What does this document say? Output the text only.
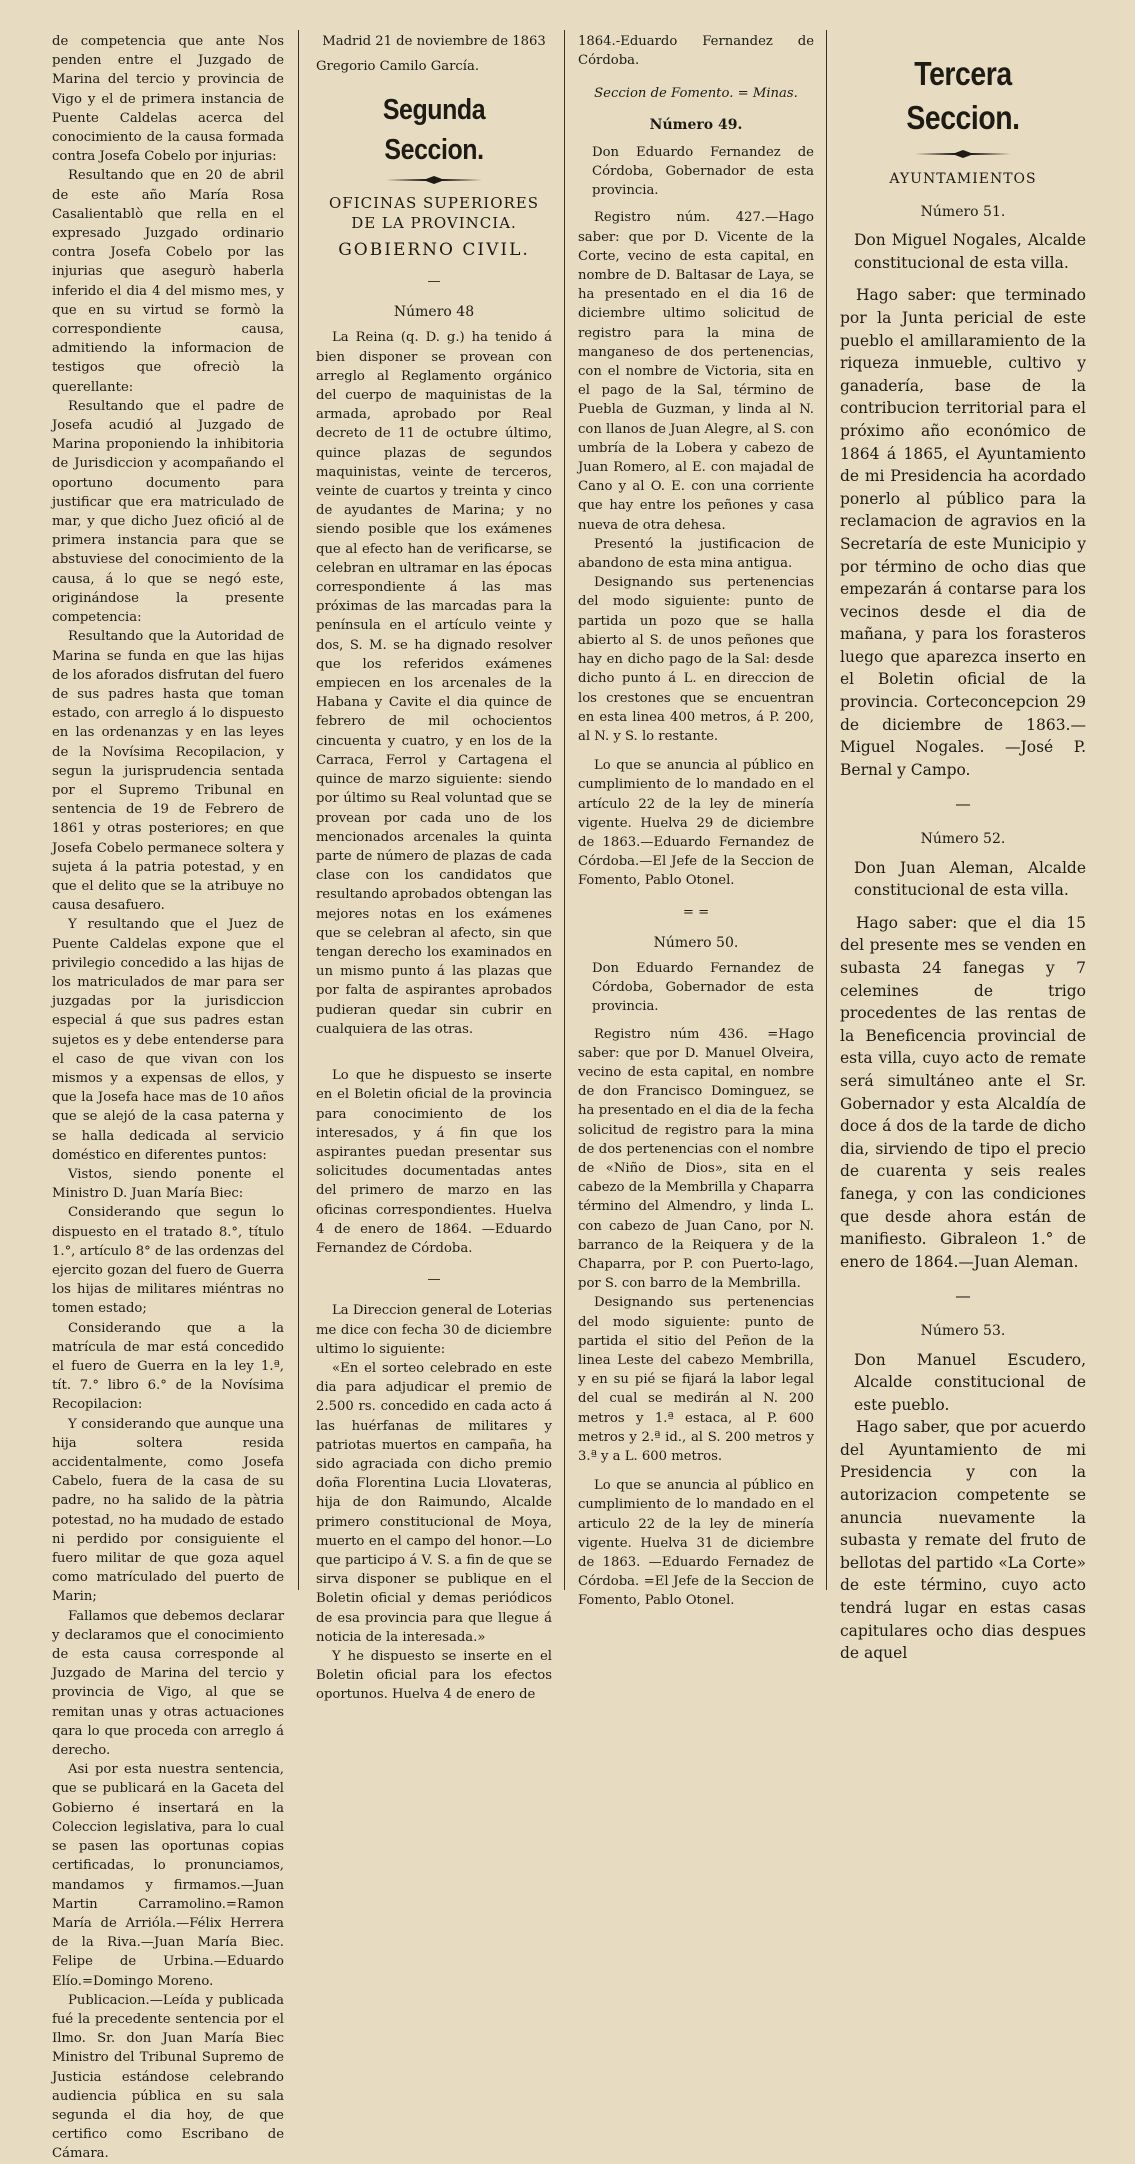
de competencia que ante Nos penden entre el Juzgado de Marina del tercio y provincia de Vigo y el de primera instancia de Puente Caldelas acerca del conocimiento de la causa formada contra Josefa Cobelo por injurias:

Resultando que en 20 de abril de este año María Rosa Casalientablò que rella en el expresado Juzgado ordinario contra Josefa Cobelo por las injurias que asegurò haberla inferido el dia 4 del mismo mes, y que en su virtud se formò la correspondiente causa, admitiendo la informacion de testigos que ofreciò la querellante:

Resultando que el padre de Josefa acudió al Juzgado de Marina proponiendo la inhibitoria de Jurisdiccion y acompañando el oportuno documento para justificar que era matriculado de mar, y que dicho Juez ofició al de primera instancia para que se abstuviese del conocimiento de la causa, á lo que se negó este, originándose la presente competencia:

Resultando que la Autoridad de Marina se funda en que las hijas de los aforados disfrutan del fuero de sus padres hasta que toman estado, con arreglo á lo dispuesto en las ordenanzas y en las leyes de la Novísima Recopilacion, y segun la jurisprudencia sentada por el Supremo Tribunal en sentencia de 19 de Febrero de 1861 y otras posteriores; en que Josefa Cobelo permanece soltera y sujeta á la patria potestad, y en que el delito que se la atribuye no causa desafuero.

Y resultando que el Juez de Puente Caldelas expone que el privilegio concedido a las hijas de los matriculados de mar para ser juzgadas por la jurisdiccion especial á que sus padres estan sujetos es y debe entenderse para el caso de que vivan con los mismos y a expensas de ellos, y que la Josefa hace mas de 10 años que se alejó de la casa paterna y se halla dedicada al servicio doméstico en diferentes puntos:

Vistos, siendo ponente el Ministro D. Juan María Biec:

Considerando que segun lo dispuesto en el tratado 8.°, título 1.°, artículo 8° de las ordenzas del ejercito gozan del fuero de Guerra los hijas de militares miéntras no tomen estado;

Considerando que a la matrícula de mar está concedido el fuero de Guerra en la ley 1.ª, tít. 7.° libro 6.° de la Novísima Recopilacion:

Y considerando que aunque una hija soltera resida accidentalmente, como Josefa Cabelo, fuera de la casa de su padre, no ha salido de la pàtria potestad, no ha mudado de estado ni perdido por consiguiente el fuero militar de que goza aquel como matrículado del puerto de Marin;

Fallamos que debemos declarar y declaramos que el conocimiento de esta causa corresponde al Juzgado de Marina del tercio y provincia de Vigo, al que se remitan unas y otras actuaciones qara lo que proceda con arreglo á derecho.

Asi por esta nuestra sentencia, que se publicará en la Gaceta del Gobierno é insertará en la Coleccion legislativa, para lo cual se pasen las oportunas copias certificadas, lo pronunciamos, mandamos y firmamos.—Juan Martin Carramolino.=Ramon María de Arrióla.—Félix Herrera de la Riva.—Juan María Biec. Felipe de Urbina.—Eduardo Elío.=Domingo Moreno.

Publicacion.—Leída y publicada fué la precedente sentencia por el Ilmo. Sr. don Juan María Biec Ministro del Tribunal Supremo de Justicia estándose celebrando audiencia pública en su sala segunda el dia hoy, de que certifico como Escribano de Cámara.

Madrid 21 de noviembre de 1863
Gregorio Camilo García.
Segunda Seccion.
OFICINAS SUPERIORES DE LA PROVINCIA.
GOBIERNO CIVIL.
—
Número 48

La Reina (q. D. g.) ha tenido á bien disponer se provean con arreglo al Reglamento orgánico del cuerpo de maquinistas de la armada, aprobado por Real decreto de 11 de octubre último, quince plazas de segundos maquinistas, veinte de terceros, veinte de cuartos y treinta y cinco de ayudantes de Marina; y no siendo posible que los exámenes que al efecto han de verificarse, se celebran en ultramar en las épocas correspondiente á las mas próximas de las marcadas para la península en el artículo veinte y dos, S. M. se ha dignado resolver que los referidos exámenes empiecen en los arcenales de la Habana y Cavite el dia quince de febrero de mil ochocientos cincuenta y cuatro, y en los de la Carraca, Ferrol y Cartagena el quince de marzo siguiente: siendo por último su Real voluntad que se provean por cada uno de los mencionados arcenales la quinta parte de número de plazas de cada clase con los candidatos que resultando aprobados obtengan las mejores notas en los exámenes que se celebran al afecto, sin que tengan derecho los examinados en un mismo punto á las plazas que por falta de aspirantes aprobados pudieran quedar sin cubrir en cualquiera de las otras.

Lo que he dispuesto se inserte en el Boletin oficial de la provincia para conocimiento de los interesados, y á fin que los aspirantes puedan presentar sus solicitudes documentadas antes del primero de marzo en las oficinas correspondientes. Huelva 4 de enero de 1864. —Eduardo Fernandez de Córdoba.

—

La Direccion general de Loterias me dice con fecha 30 de diciembre ultimo lo siguiente:

«En el sorteo celebrado en este dia para adjudicar el premio de 2.500 rs. concedido en cada acto á las huérfanas de militares y patriotas muertos en campaña, ha sido agraciada con dicho premio doña Florentina Lucia Llovateras, hija de don Raimundo, Alcalde primero constitucional de Moya, muerto en el campo del honor.—Lo que participo á V. S. a fin de que se sirva disponer se publique en el Boletin oficial y demas periódicos de esa provincia para que llegue á noticia de la interesada.»

Y he dispuesto se inserte en el Boletin oficial para los efectos oportunos. Huelva 4 de enero de

1864.-Eduardo Fernandez de Córdoba.

Seccion de Fomento. = Minas.
Número 49.

Don Eduardo Fernandez de Córdoba, Gobernador de esta provincia.

Registro núm. 427.—Hago saber: que por D. Vicente de la Corte, vecino de esta capital, en nombre de D. Baltasar de Laya, se ha presentado en el dia 16 de diciembre ultimo solicitud de registro para la mina de manganeso de dos pertenencias, con el nombre de Victoria, sita en el pago de la Sal, término de Puebla de Guzman, y linda al N. con llanos de Juan Alegre, al S. con umbría de la Lobera y cabezo de Juan Romero, al E. con majadal de Cano y al O. E. con una corriente que hay entre los peñones y casa nueva de otra dehesa.

Presentó la justificacion de abandono de esta mina antigua.

Designando sus pertenencias del modo siguiente: punto de partida un pozo que se halla abierto al S. de unos peñones que hay en dicho pago de la Sal: desde dicho punto á L. en direccion de los crestones que se encuentran en esta linea 400 metros, á P. 200, al N. y S. lo restante.

Lo que se anuncia al público en cumplimiento de lo mandado en el artículo 22 de la ley de minería vigente. Huelva 29 de diciembre de 1863.—Eduardo Fernandez de Córdoba.—El Jefe de la Seccion de Fomento, Pablo Otonel.

= =
Número 50.

Don Eduardo Fernandez de Córdoba, Gobernador de esta provincia.

Registro núm 436. =Hago saber: que por D. Manuel Olveira, vecino de esta capital, en nombre de don Francisco Dominguez, se ha presentado en el dia de la fecha solicitud de registro para la mina de dos pertenencias con el nombre de «Niño de Dios», sita en el cabezo de la Membrilla y Chaparra término del Almendro, y linda L. con cabezo de Juan Cano, por N. barranco de la Reiquera y de la Chaparra, por P. con Puerto-lago, por S. con barro de la Membrilla.

Designando sus pertenencias del modo siguiente: punto de partida el sitio del Peñon de la linea Leste del cabezo Membrilla, y en su pié se fijará la labor legal del cual se medirán al N. 200 metros y 1.ª estaca, al P. 600 metros y 2.ª id., al S. 200 metros y 3.ª y a L. 600 metros.

Lo que se anuncia al público en cumplimiento de lo mandado en el articulo 22 de la ley de minería vigente. Huelva 31 de diciembre de 1863. —Eduardo Fernadez de Córdoba. =El Jefe de la Seccion de Fomento, Pablo Otonel.

Tercera Seccion.
AYUNTAMIENTOS
Número 51.

Don Miguel Nogales, Alcalde constitucional de esta villa.

Hago saber: que terminado por la Junta pericial de este pueblo el amillaramiento de la riqueza inmueble, cultivo y ganadería, base de la contribucion territorial para el próximo año económico de 1864 á 1865, el Ayuntamiento de mi Presidencia ha acordado ponerlo al público para la reclamacion de agravios en la Secretaría de este Municipio y por término de ocho dias que empezarán á contarse para los vecinos desde el dia de mañana, y para los forasteros luego que aparezca inserto en el Boletin oficial de la provincia. Corteconcepcion 29 de diciembre de 1863.—Miguel Nogales. —José P. Bernal y Campo.

—
Número 52.

Don Juan Aleman, Alcalde constitucional de esta villa.

Hago saber: que el dia 15 del presente mes se venden en subasta 24 fanegas y 7 celemines de trigo procedentes de las rentas de la Beneficencia provincial de esta villa, cuyo acto de remate será simultáneo ante el Sr. Gobernador y esta Alcaldía de doce á dos de la tarde de dicho dia, sirviendo de tipo el precio de cuarenta y seis reales fanega, y con las condiciones que desde ahora están de manifiesto. Gibraleon 1.° de enero de 1864.—Juan Aleman.

—
Número 53.

Don Manuel Escudero, Alcalde constitucional de este pueblo.

Hago saber, que por acuerdo del Ayuntamiento de mi Presidencia y con la autorizacion competente se anuncia nuevamente la subasta y remate del fruto de bellotas del partido «La Corte» de este término, cuyo acto tendrá lugar en estas casas capitulares ocho dias despues de aquel
